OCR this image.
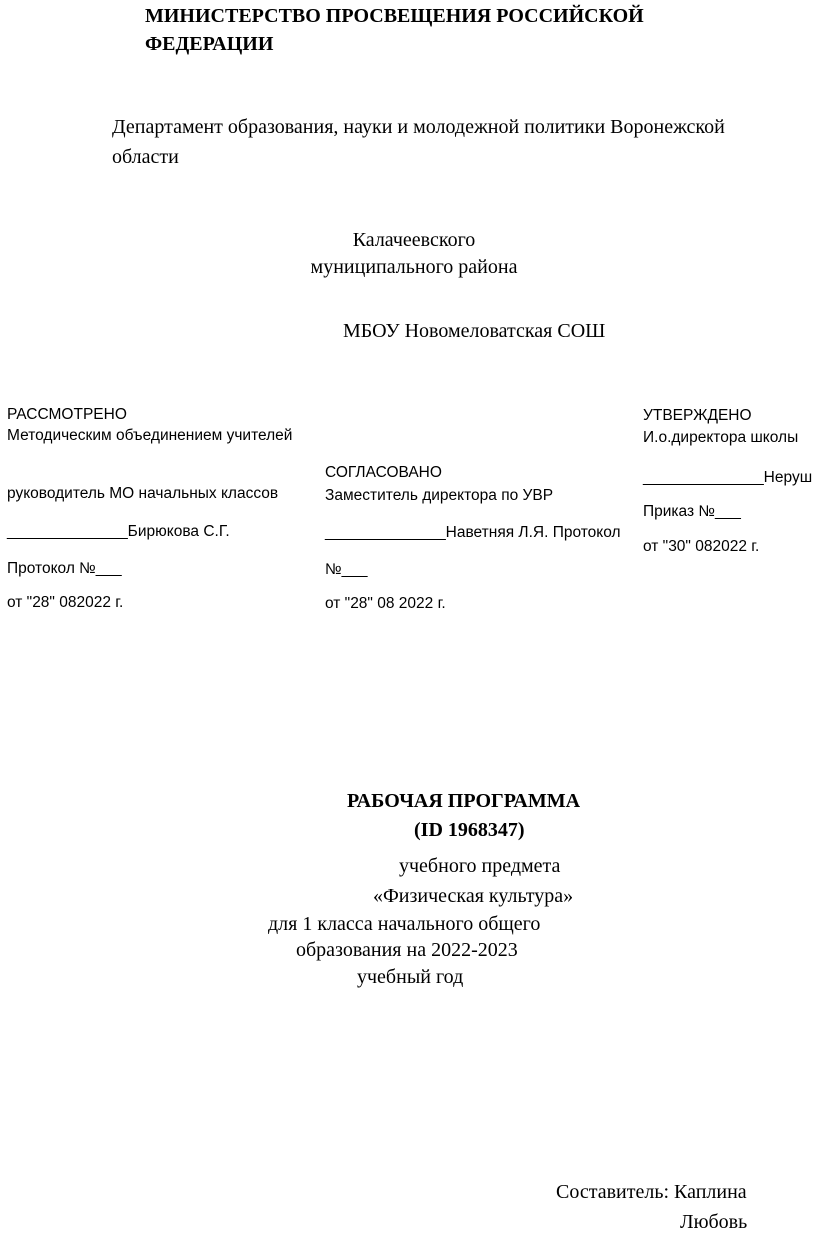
МИНИСТЕРСТВО ПРОСВЕЩЕНИЯ РОССИЙСКОЙ
ФЕДЕРАЦИИ
Департамент образования, науки и молодежной политики Воронежской
области
Калачеевского
муниципального района
МБОУ Новомеловатская СОШ
РАССМОТРЕНО
Методическим объединением учителей
руководитель МО начальных классов
______________Бирюкова С.Г.
Протокол №___
от "28" 082022 г.
СОГЛАСОВАНО
Заместитель директора по УВР
______________Наветняя Л.Я. Протокол
№___
от "28" 08 2022 г.
УТВЕРЖДЕНО
И.о.директора школы
______________Неруш
Приказ №___
от "30" 082022 г.
РАБОЧАЯ ПРОГРАММА
(ID 1968347)
учебного предмета
«Физическая культура»
для 1 класса начального общего
образования на 2022-2023
учебный год
Составитель: Каплина
Любовь
